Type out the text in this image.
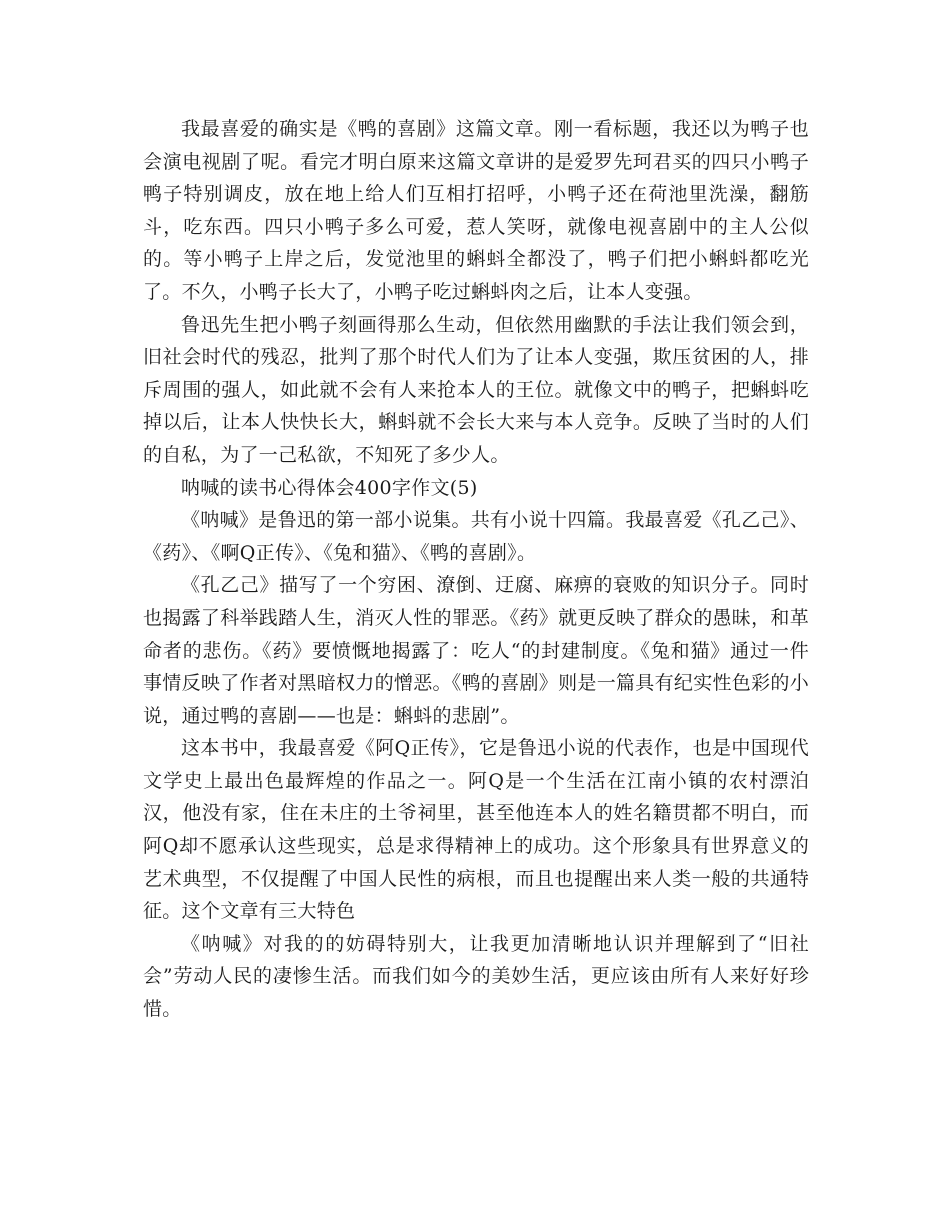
我最喜爱的确实是《鸭的喜剧》这篇文章。刚一看标题，我还以为鸭子也会演电视剧了呢。看完才明白原来这篇文章讲的是爱罗先珂君买的四只小鸭子鸭子特别调皮，放在地上给人们互相打招呼，小鸭子还在荷池里洗澡，翻筋斗，吃东西。四只小鸭子多么可爱，惹人笑呀，就像电视喜剧中的主人公似的。等小鸭子上岸之后，发觉池里的蝌蚪全都没了，鸭子们把小蝌蚪都吃光了。不久，小鸭子长大了，小鸭子吃过蝌蚪肉之后，让本人变强。

鲁迅先生把小鸭子刻画得那么生动，但依然用幽默的手法让我们领会到，旧社会时代的残忍，批判了那个时代人们为了让本人变强，欺压贫困的人，排斥周围的强人，如此就不会有人来抢本人的王位。就像文中的鸭子，把蝌蚪吃掉以后，让本人快快长大，蝌蚪就不会长大来与本人竞争。反映了当时的人们的自私，为了一己私欲，不知死了多少人。

呐喊的读书心得体会400字作文(5)

《呐喊》是鲁迅的第一部小说集。共有小说十四篇。我最喜爱《孔乙己》、《药》、《啊Q正传》、《兔和猫》、《鸭的喜剧》。

《孔乙己》描写了一个穷困、潦倒、迂腐、麻痹的衰败的知识分子。同时也揭露了科举践踏人生，消灭人性的罪恶。《药》就更反映了群众的愚昧，和革命者的悲伤。《药》要愤慨地揭露了：吃人“的封建制度。《兔和猫》通过一件事情反映了作者对黑暗权力的憎恶。《鸭的喜剧》则是一篇具有纪实性色彩的小说，通过鸭的喜剧——也是：蝌蚪的悲剧”。

这本书中，我最喜爱《阿Q正传》，它是鲁迅小说的代表作，也是中国现代文学史上最出色最辉煌的作品之一。阿Q是一个生活在江南小镇的农村漂泊汉，他没有家，住在未庄的土爷祠里，甚至他连本人的姓名籍贯都不明白，而阿Q却不愿承认这些现实，总是求得精神上的成功。这个形象具有世界意义的艺术典型，不仅提醒了中国人民性的病根，而且也提醒出来人类一般的共通特征。这个文章有三大特色

《呐喊》对我的的妨碍特别大，让我更加清晰地认识并理解到了“旧社会”劳动人民的凄惨生活。而我们如今的美妙生活，更应该由所有人来好好珍惜。
